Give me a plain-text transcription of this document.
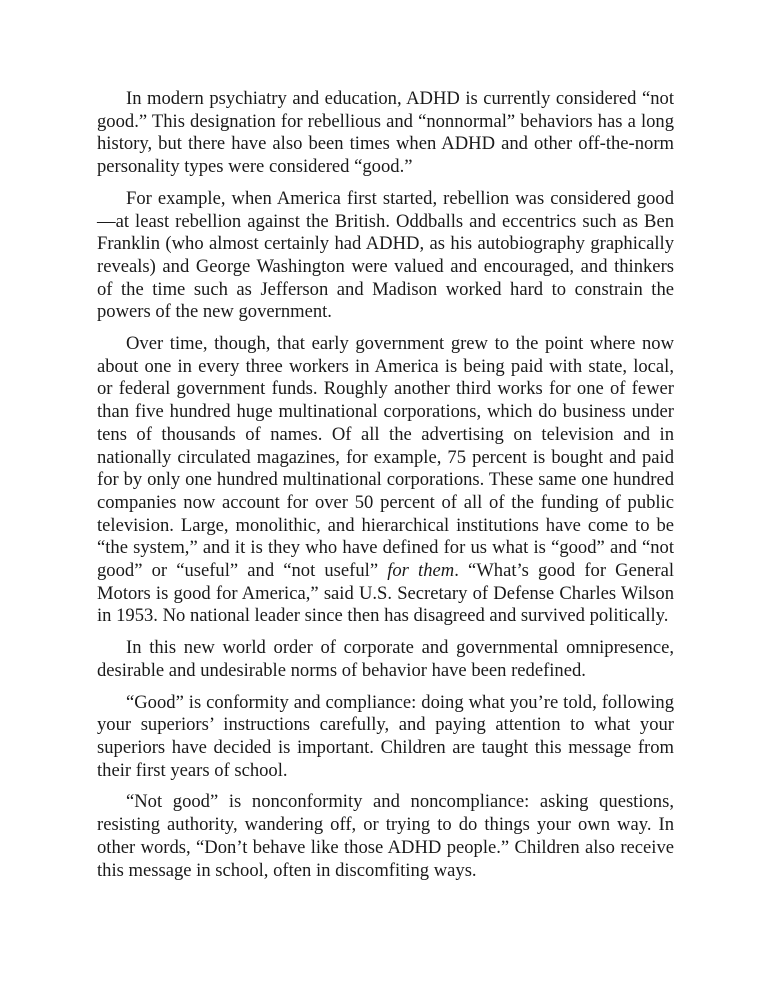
In modern psychiatry and education, ADHD is currently considered “not good.” This designation for rebellious and “nonnormal” behaviors has a long history, but there have also been times when ADHD and other off-the-norm personality types were considered “good.”

For example, when America first started, rebellion was considered good —at least rebellion against the British. Oddballs and eccentrics such as Ben Franklin (who almost certainly had ADHD, as his autobiography graphically reveals) and George Washington were valued and encouraged, and thinkers of the time such as Jefferson and Madison worked hard to constrain the powers of the new government.

Over time, though, that early government grew to the point where now about one in every three workers in America is being paid with state, local, or federal government funds. Roughly another third works for one of fewer than five hundred huge multinational corporations, which do business under tens of thousands of names. Of all the advertising on television and in nationally circulated magazines, for example, 75 percent is bought and paid for by only one hundred multinational corporations. These same one hundred companies now account for over 50 percent of all of the funding of public television. Large, monolithic, and hierarchical institutions have come to be “the system,” and it is they who have defined for us what is “good” and “not good” or “useful” and “not useful” for them. “What’s good for General Motors is good for America,” said U.S. Secretary of Defense Charles Wilson in 1953. No national leader since then has disagreed and survived politically.

In this new world order of corporate and governmental omnipresence, desirable and undesirable norms of behavior have been redefined.

“Good” is conformity and compliance: doing what you’re told, following your superiors’ instructions carefully, and paying attention to what your superiors have decided is important. Children are taught this message from their first years of school.

“Not good” is nonconformity and noncompliance: asking questions, resisting authority, wandering off, or trying to do things your own way. In other words, “Don’t behave like those ADHD people.” Children also receive this message in school, often in discomfiting ways.
